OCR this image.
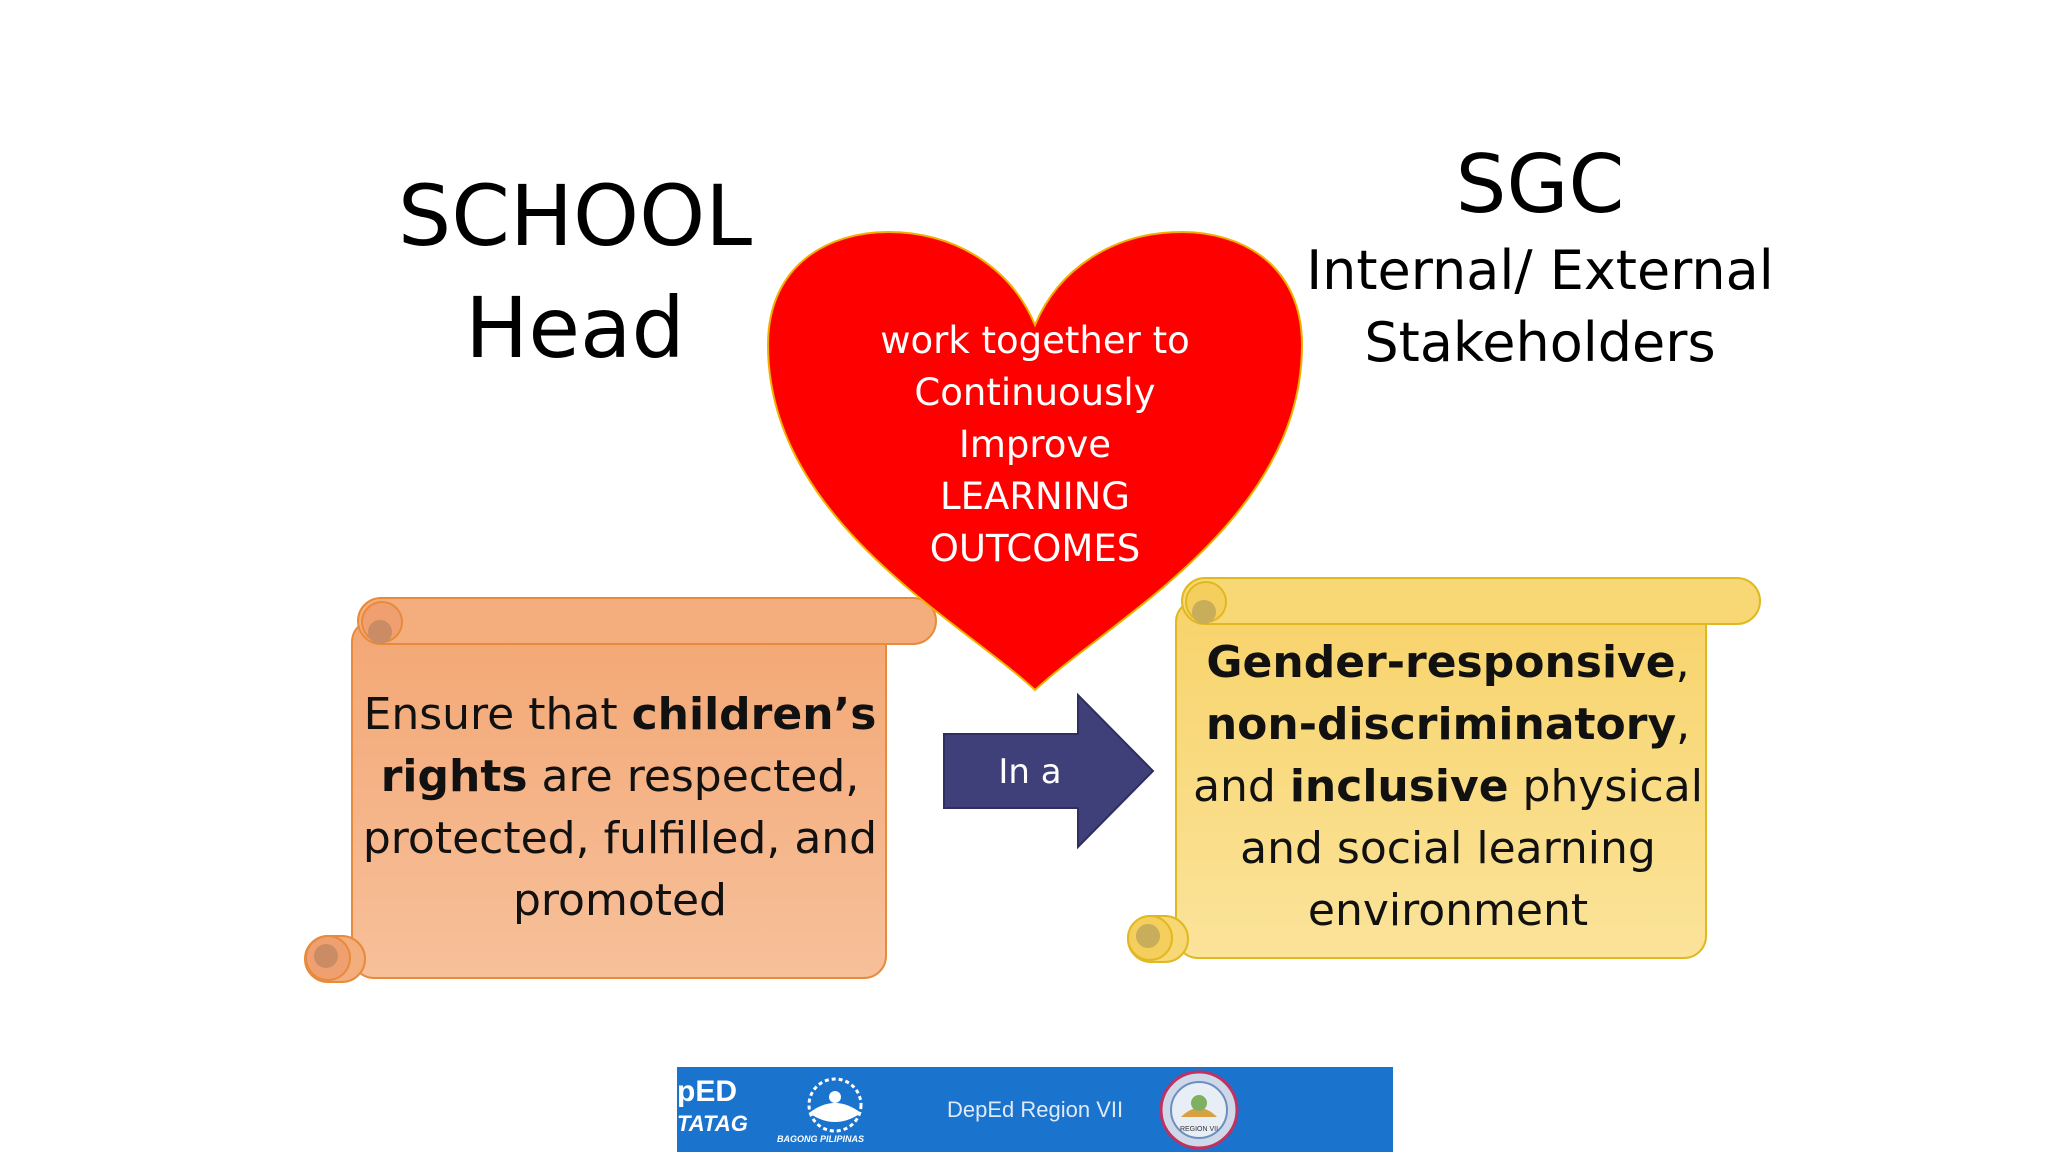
SCHOOL
Head
SGC
Internal/ External
Stakeholders
work together to
Continuously
Improve
LEARNING
OUTCOMES
Ensure that children’s
rights are respected,
protected, fulfilled, and
promoted
In a
Gender-responsive,
non-discriminatory,
and inclusive physical
and social learning
environment
pED
TATAG
BAGONG PILIPINAS
DepEd Region VII
REGION VII
